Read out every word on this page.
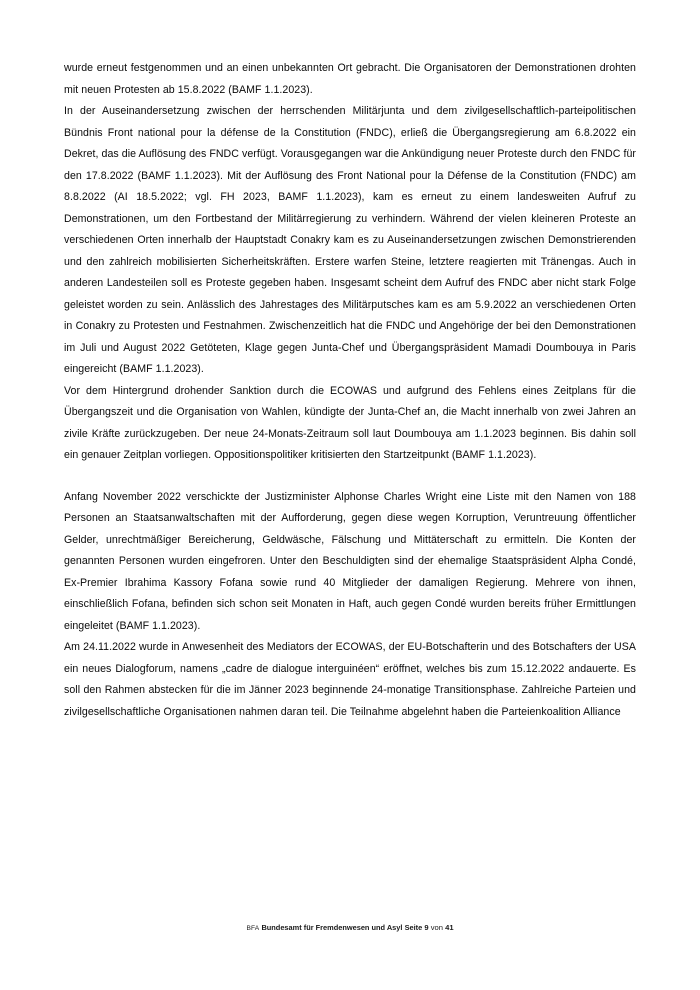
wurde erneut festgenommen und an einen unbekannten Ort gebracht. Die Organisatoren der Demonstrationen drohten mit neuen Protesten ab 15.8.2022 (BAMF 1.1.2023).

In der Auseinandersetzung zwischen der herrschenden Militärjunta und dem zivilgesellschaftlich-parteipolitischen Bündnis Front national pour la défense de la Constitution (FNDC), erließ die Übergangsregierung am 6.8.2022 ein Dekret, das die Auflösung des FNDC verfügt. Vorausgegangen war die Ankündigung neuer Proteste durch den FNDC für den 17.8.2022 (BAMF 1.1.2023). Mit der Auflösung des Front National pour la Défense de la Constitution (FNDC) am 8.8.2022 (AI 18.5.2022; vgl. FH 2023, BAMF 1.1.2023), kam es erneut zu einem landesweiten Aufruf zu Demonstrationen, um den Fortbestand der Militärregierung zu verhindern. Während der vielen kleineren Proteste an verschiedenen Orten innerhalb der Hauptstadt Conakry kam es zu Auseinandersetzungen zwischen Demonstrierenden und den zahlreich mobilisierten Sicherheitskräften. Erstere warfen Steine, letztere reagierten mit Tränengas. Auch in anderen Landesteilen soll es Proteste gegeben haben. Insgesamt scheint dem Aufruf des FNDC aber nicht stark Folge geleistet worden zu sein. Anlässlich des Jahrestages des Militärputsches kam es am 5.9.2022 an verschiedenen Orten in Conakry zu Protesten und Festnahmen. Zwischenzeitlich hat die FNDC und Angehörige der bei den Demonstrationen im Juli und August 2022 Getöteten, Klage gegen Junta-Chef und Übergangspräsident Mamadi Doumbouya in Paris eingereicht (BAMF 1.1.2023).

Vor dem Hintergrund drohender Sanktion durch die ECOWAS und aufgrund des Fehlens eines Zeitplans für die Übergangszeit und die Organisation von Wahlen, kündigte der Junta-Chef an, die Macht innerhalb von zwei Jahren an zivile Kräfte zurückzugeben. Der neue 24-Monats-Zeitraum soll laut Doumbouya am 1.1.2023 beginnen. Bis dahin soll ein genauer Zeitplan vorliegen. Oppositionspolitiker kritisierten den Startzeitpunkt (BAMF 1.1.2023).

Anfang November 2022 verschickte der Justizminister Alphonse Charles Wright eine Liste mit den Namen von 188 Personen an Staatsanwaltschaften mit der Aufforderung, gegen diese wegen Korruption, Veruntreuung öffentlicher Gelder, unrechtmäßiger Bereicherung, Geldwäsche, Fälschung und Mittäterschaft zu ermitteln. Die Konten der genannten Personen wurden eingefroren. Unter den Beschuldigten sind der ehemalige Staatspräsident Alpha Condé, Ex-Premier Ibrahima Kassory Fofana sowie rund 40 Mitglieder der damaligen Regierung. Mehrere von ihnen, einschließlich Fofana, befinden sich schon seit Monaten in Haft, auch gegen Condé wurden bereits früher Ermittlungen eingeleitet (BAMF 1.1.2023).

Am 24.11.2022 wurde in Anwesenheit des Mediators der ECOWAS, der EU-Botschafterin und des Botschafters der USA ein neues Dialogforum, namens „cadre de dialogue interguinéen“ eröffnet, welches bis zum 15.12.2022 andauerte. Es soll den Rahmen abstecken für die im Jänner 2023 beginnende 24-monatige Transitionsphase. Zahlreiche Parteien und zivilgesellschaftliche Organisationen nahmen daran teil. Die Teilnahme abgelehnt haben die Parteienkoalition Alliance

BFA Bundesamt für Fremdenwesen und Asyl Seite 9 von 41
